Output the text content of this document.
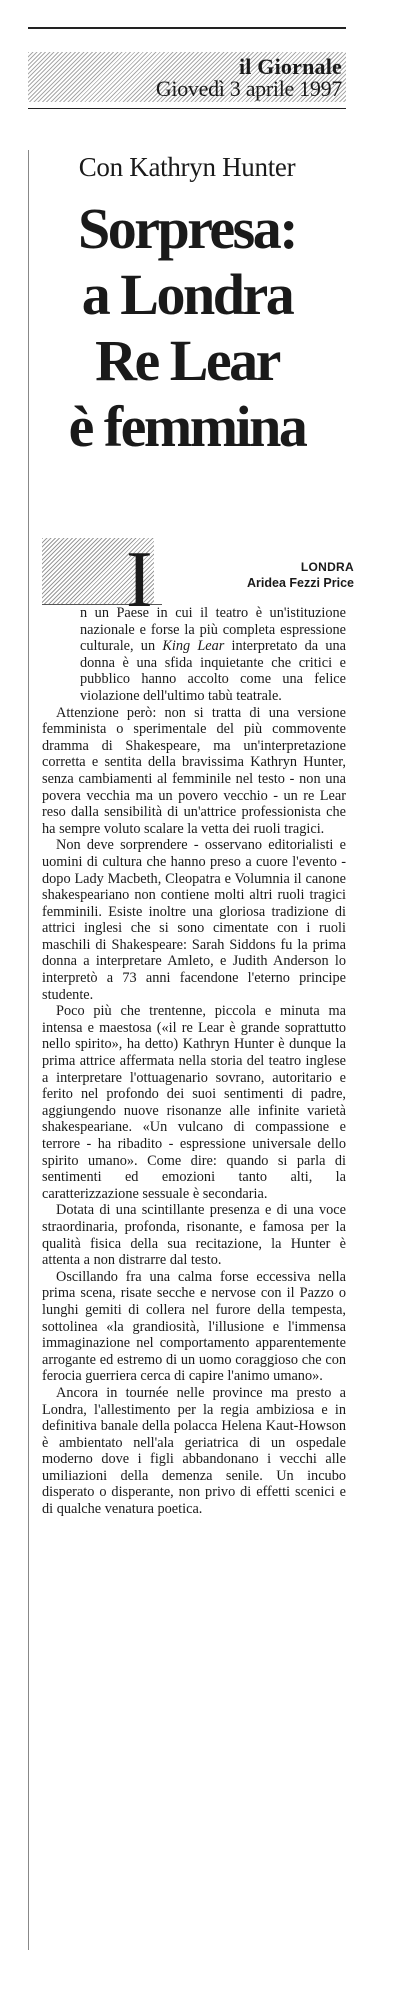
il Giornale
Giovedì 3 aprile 1997
Con Kathryn Hunter
Sorpresa:
a Londra
Re Lear
è femmina
I	LONDRA
Aridea Fezzi Price

n un Paese in cui il teatro è un'istituzione nazionale e forse la più completa espressione culturale, un King Lear interpretato da una donna è una sfida inquietante che critici e pubblico hanno accolto come una felice violazione dell'ultimo tabù teatrale.

Attenzione però: non si tratta di una versione femminista o sperimentale del più commovente dramma di Shakespeare, ma un'interpretazione corretta e sentita della bravissima Kathryn Hunter, senza cambiamenti al femminile nel testo - non una povera vecchia ma un povero vecchio - un re Lear reso dalla sensibilità di un'attrice professionista che ha sempre voluto scalare la vetta dei ruoli tragici.

Non deve sorprendere - osservano editorialisti e uomini di cultura che hanno preso a cuore l'evento - dopo Lady Macbeth, Cleopatra e Volumnia il canone shakespeariano non contiene molti altri ruoli tragici femminili. Esiste inoltre una gloriosa tradizione di attrici inglesi che si sono cimentate con i ruoli maschili di Shakespeare: Sarah Siddons fu la prima donna a interpretare Amleto, e Judith Anderson lo interpretò a 73 anni facendone l'eterno principe studente.

Poco più che trentenne, piccola e minuta ma intensa e maestosa («il re Lear è grande soprattutto nello spirito», ha detto) Kathryn Hunter è dunque la prima attrice affermata nella storia del teatro inglese a interpretare l'ottuagenario sovrano, autoritario e ferito nel profondo dei suoi sentimenti di padre, aggiungendo nuove risonanze alle infinite varietà shakespeariane. «Un vulcano di compassione e terrore - ha ribadito - espressione universale dello spirito umano». Come dire: quando si parla di sentimenti ed emozioni tanto alti, la caratterizzazione sessuale è secondaria.

Dotata di una scintillante presenza e di una voce straordinaria, profonda, risonante, e famosa per la qualità fisica della sua recitazione, la Hunter è attenta a non distrarre dal testo.

Oscillando fra una calma forse eccessiva nella prima scena, risate secche e nervose con il Pazzo o lunghi gemiti di collera nel furore della tempesta, sottolinea «la grandiosità, l'illusione e l'immensa immaginazione nel comportamento apparentemente arrogante ed estremo di un uomo coraggioso che con ferocia guerriera cerca di capire l'animo umano».

Ancora in tournée nelle province ma presto a Londra, l'allestimento per la regia ambiziosa e in definitiva banale della polacca Helena Kaut-Howson è ambientato nell'ala geriatrica di un ospedale moderno dove i figli abbandonano i vecchi alle umiliazioni della demenza senile. Un incubo disperato o disperante, non privo di effetti scenici e di qualche venatura poetica.
